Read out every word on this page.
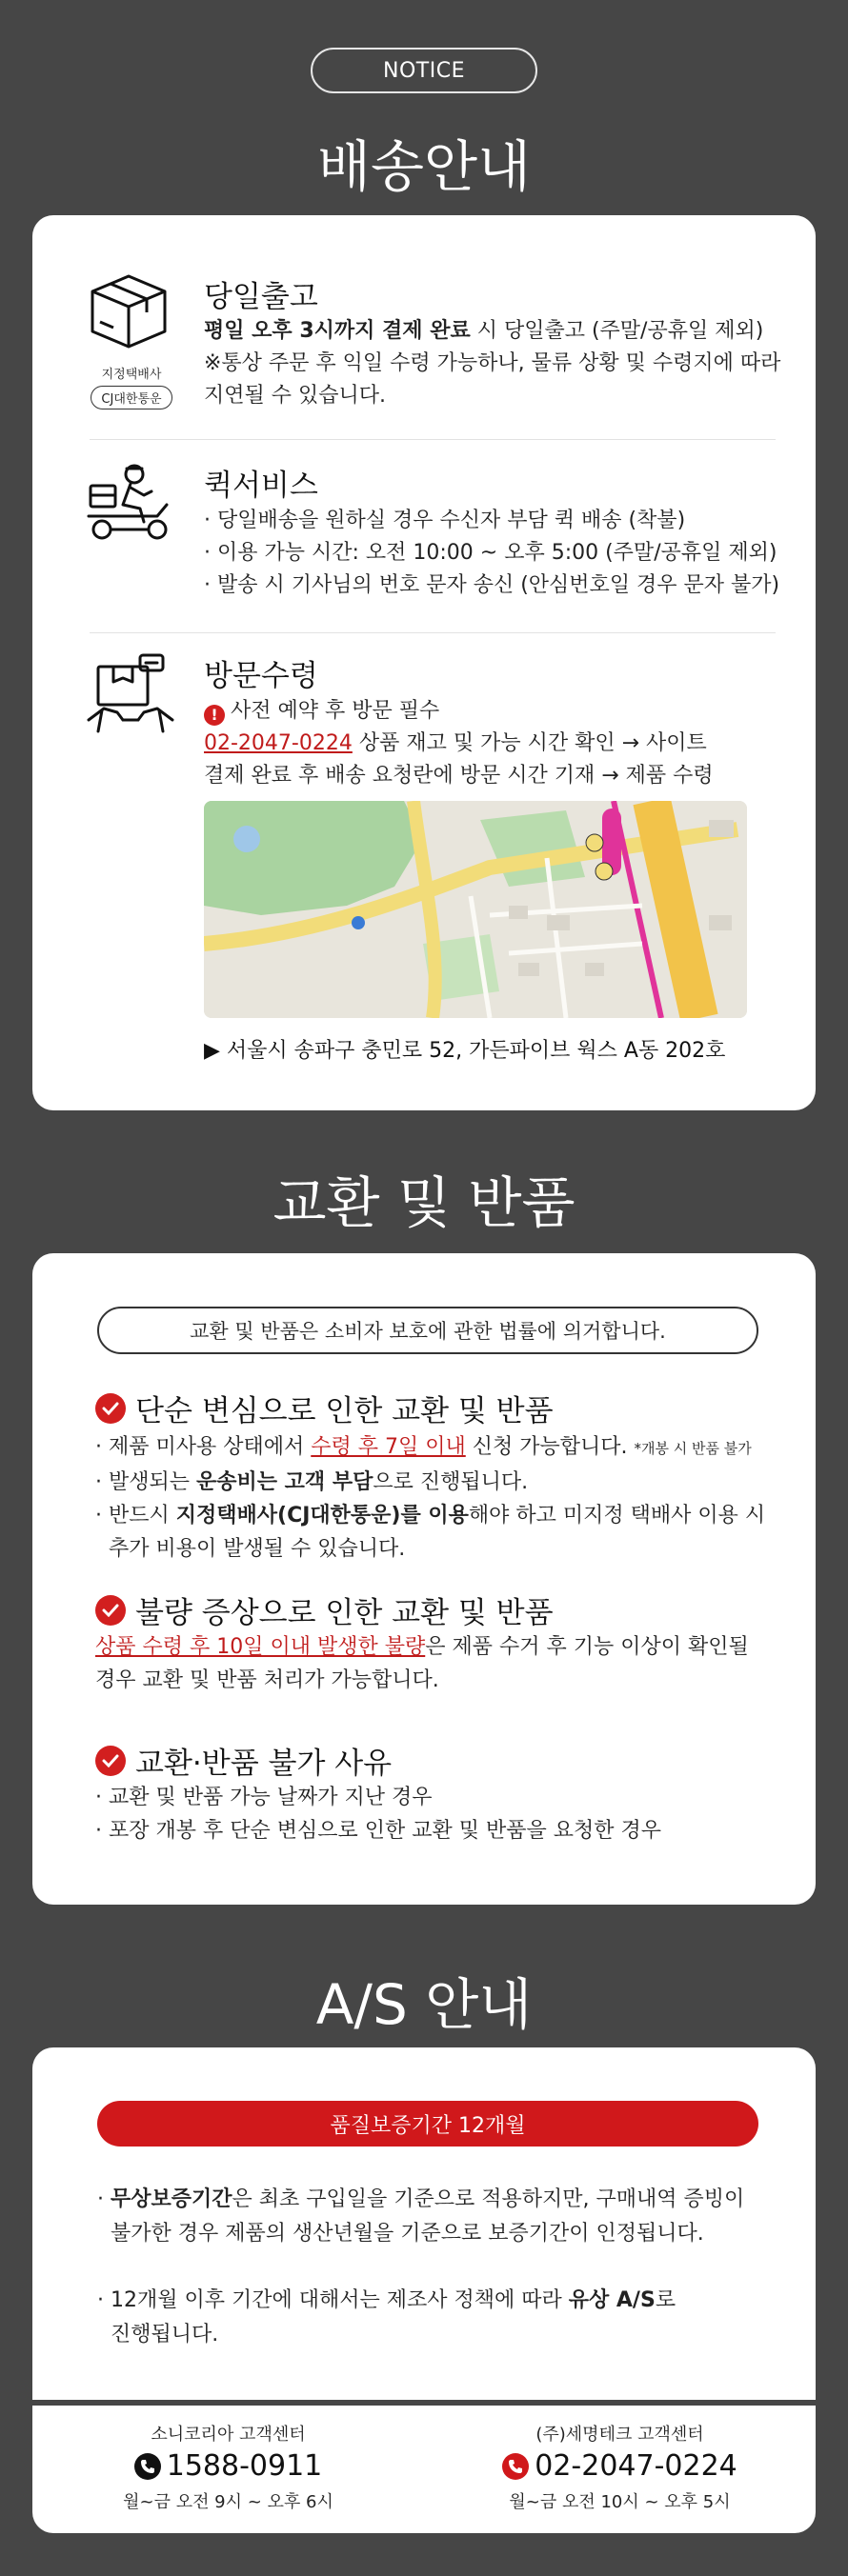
NOTICE
배송안내
지정택배사
CJ대한통운
당일출고
평일 오후 3시까지 결제 완료 시 당일출고 (주말/공휴일 제외)
※통상 주문 후 익일 수령 가능하나, 물류 상황 및 수령지에 따라
지연될 수 있습니다.
퀵서비스
· 당일배송을 원하실 경우 수신자 부담 퀵 배송 (착불)
· 이용 가능 시간: 오전 10:00 ~ 오후 5:00 (주말/공휴일 제외)
· 발송 시 기사님의 번호 문자 송신 (안심번호일 경우 문자 불가)
방문수령
! 사전 예약 후 방문 필수
02-2047-0224 상품 재고 및 가능 시간 확인 → 사이트
결제 완료 후 배송 요청란에 방문 시간 기재 → 제품 수령
▶ 서울시 송파구 충민로 52, 가든파이브 웍스 A동 202호
교환 및 반품
교환 및 반품은 소비자 보호에 관한 법률에 의거합니다.
단순 변심으로 인한 교환 및 반품
· 제품 미사용 상태에서 수령 후 7일 이내 신청 가능합니다. *개봉 시 반품 불가
· 발생되는 운송비는 고객 부담으로 진행됩니다.
· 반드시 지정택배사(CJ대한통운)를 이용해야 하고 미지정 택배사 이용 시
추가 비용이 발생될 수 있습니다.
불량 증상으로 인한 교환 및 반품
상품 수령 후 10일 이내 발생한 불량은 제품 수거 후 기능 이상이 확인될
경우 교환 및 반품 처리가 가능합니다.
교환·반품 불가 사유
· 교환 및 반품 가능 날짜가 지난 경우
· 포장 개봉 후 단순 변심으로 인한 교환 및 반품을 요청한 경우
A/S 안내
품질보증기간 12개월
· 무상보증기간은 최초 구입일을 기준으로 적용하지만, 구매내역 증빙이
불가한 경우 제품의 생산년월을 기준으로 보증기간이 인정됩니다.
· 12개월 이후 기간에 대해서는 제조사 정책에 따라 유상 A/S로
진행됩니다.
소니코리아 고객센터
1588-0911
월~금 오전 9시 ~ 오후 6시
(주)세명테크 고객센터
02-2047-0224
월~금 오전 10시 ~ 오후 5시
